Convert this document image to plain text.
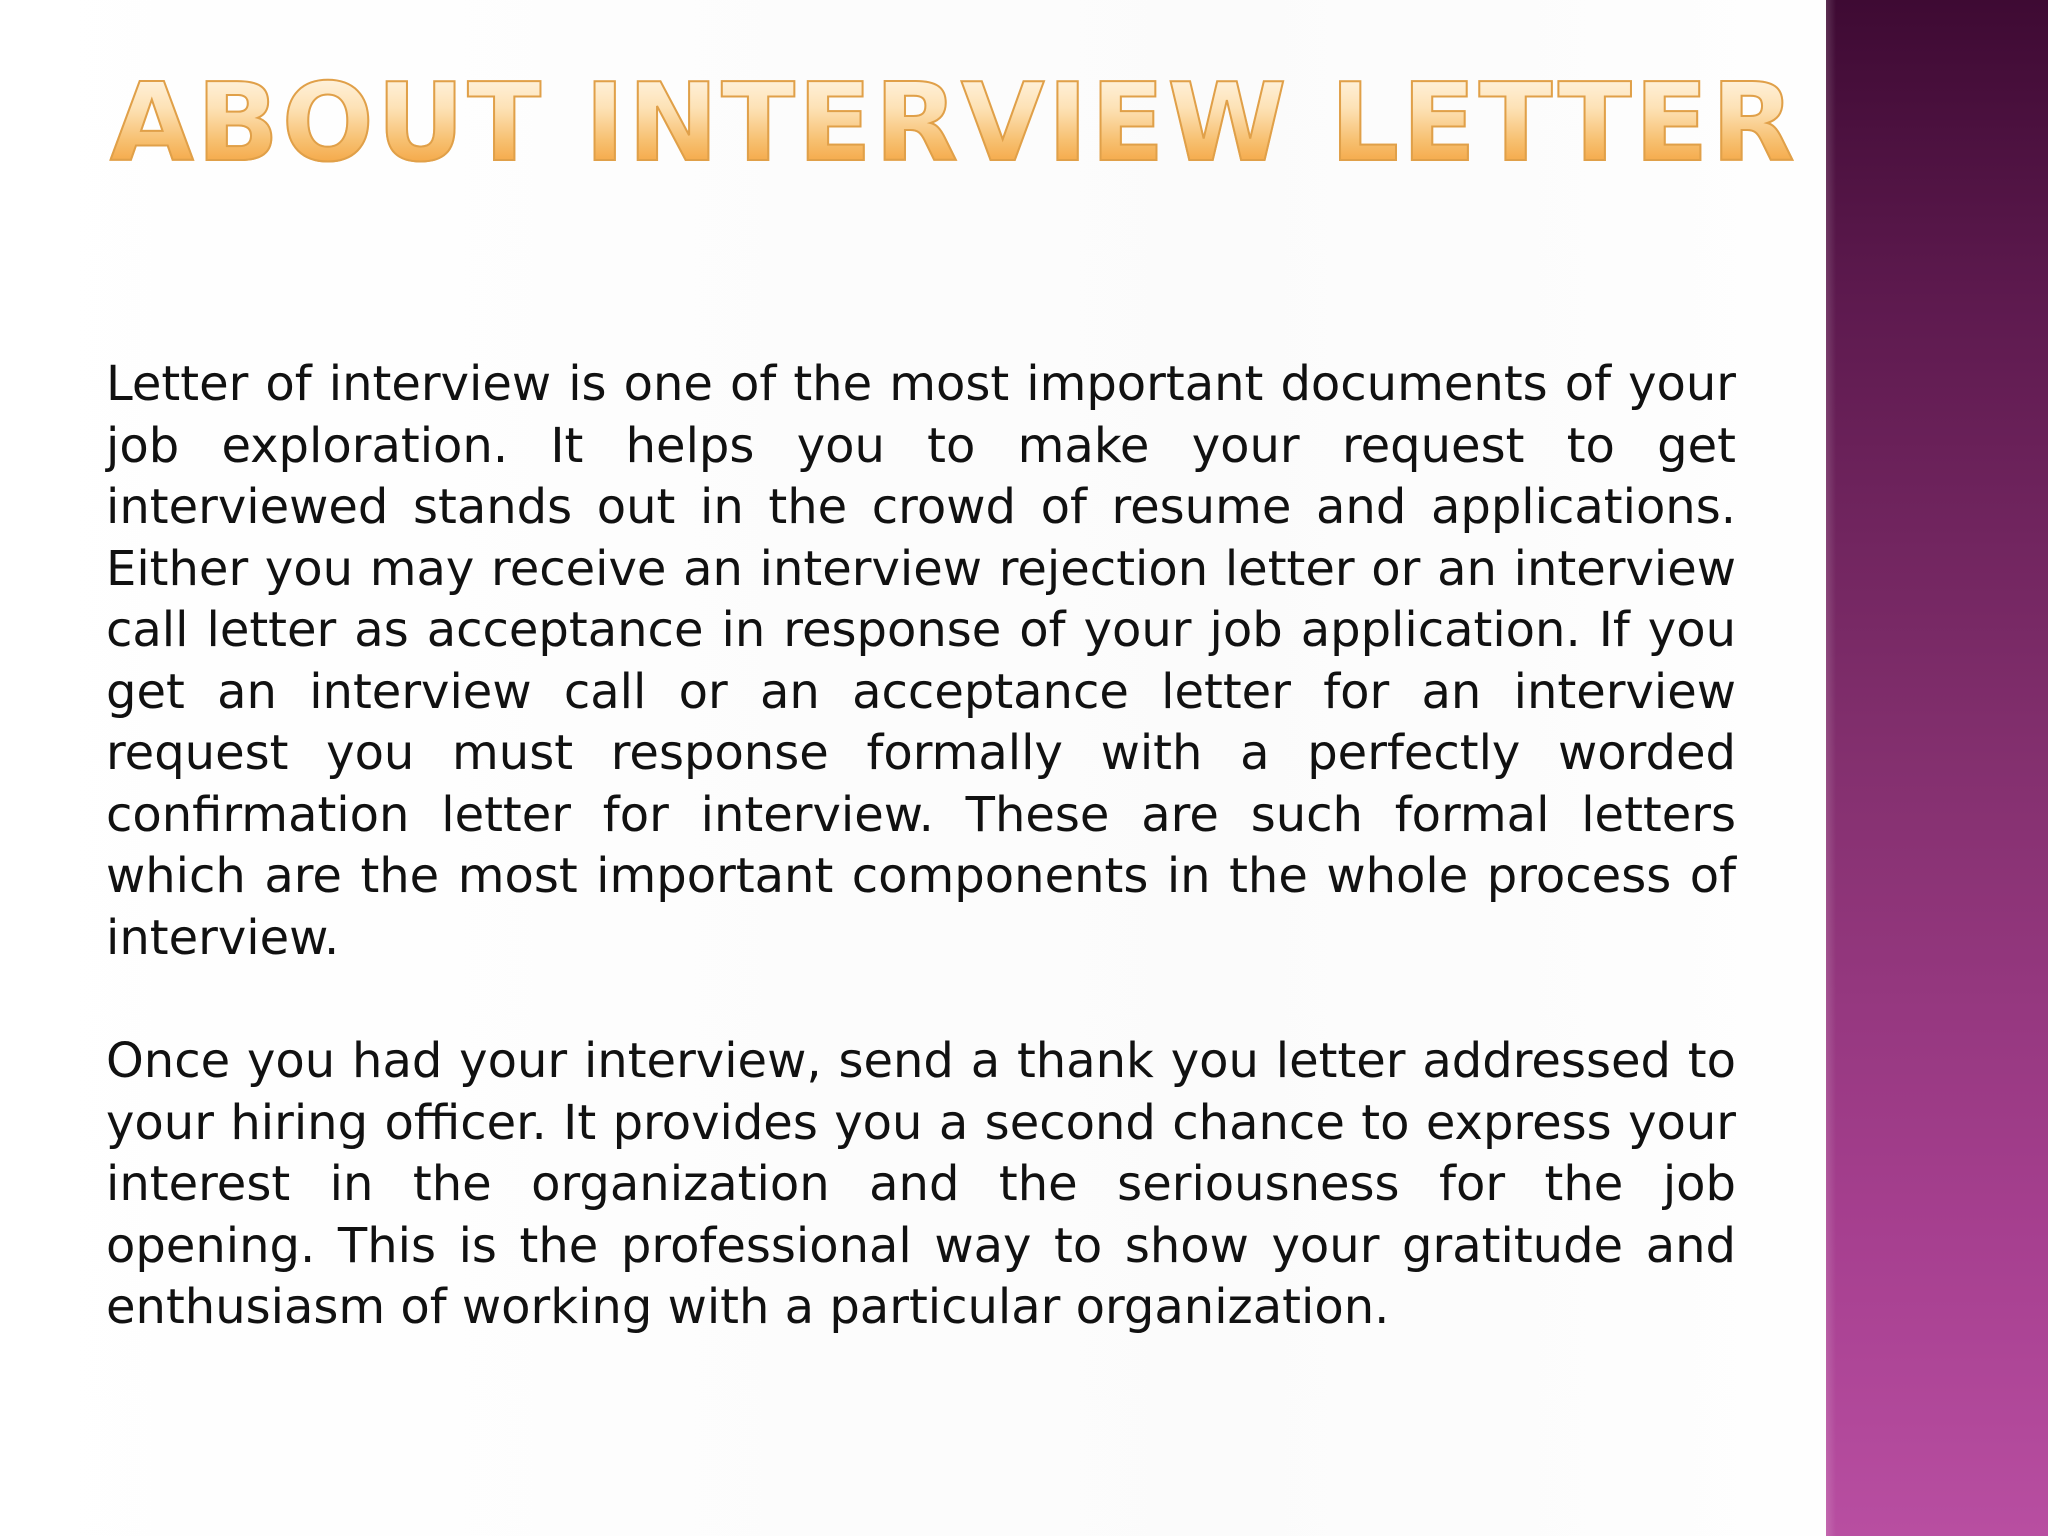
ABOUT INTERVIEW LETTER

Letter of interview is one of the most important documents of your job exploration. It helps you to make your request to get interviewed stands out in the crowd of resume and applications. Either you may receive an interview rejection letter or an interview call letter as acceptance in response of your job application. If you get an interview call or an acceptance letter for an interview request you must response formally with a perfectly worded confirmation letter for interview. These are such formal letters which are the most important components in the whole process of interview.

Once you had your interview, send a thank you letter addressed to your hiring officer. It provides you a second chance to express your interest in the organization and the seriousness for the job opening. This is the professional way to show your gratitude and enthusiasm of working with a particular organization.
